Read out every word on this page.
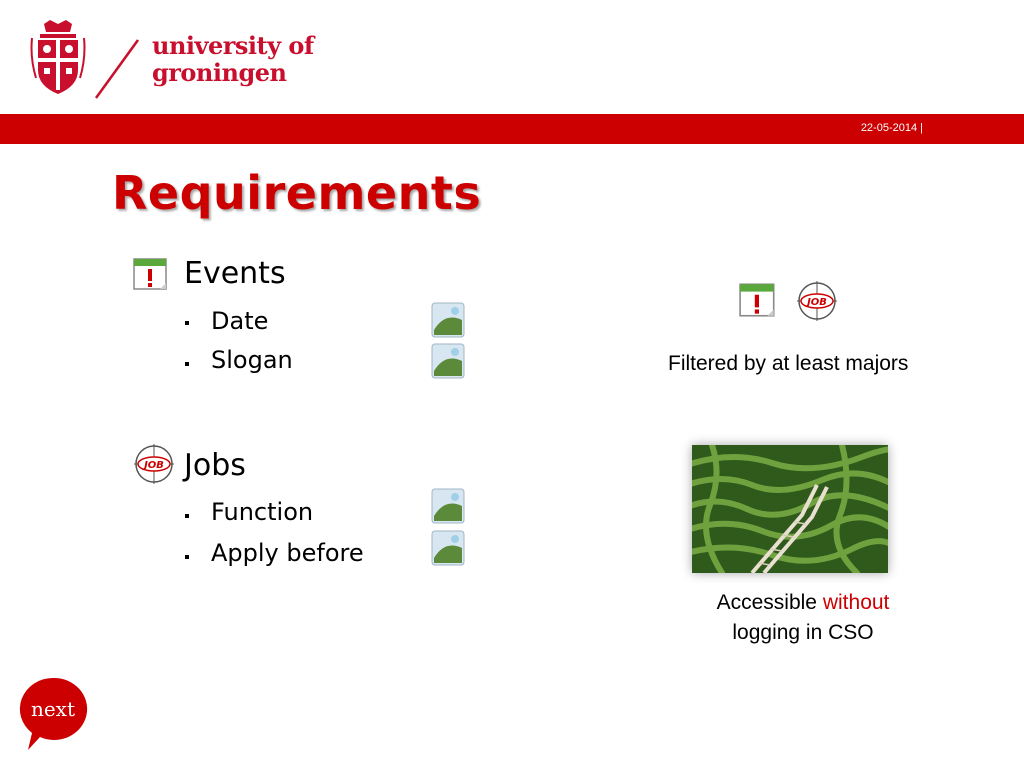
university of
groningen
22-05-2014 |
Requirements
Events
Date
Slogan
JOB Jobs
Function
Apply before
JOB
Filtered by at least majors
Accessible without
logging in CSO
next
